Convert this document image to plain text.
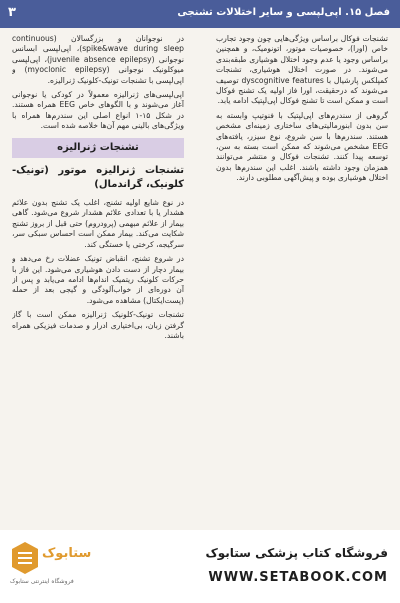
۳	فصل ۱۵. اپی‌لپسی و سایر اختلالات تشنجی

تشنجات فوکال براساس ویژگی‌هایی چون وجود تجارب خاص (اورا)، خصوصیات موتور، اتونومیک، و همچنین براساس وجود یا عدم وجود اختلال هوشیاری طبقه‌بندی می‌شوند. در صورت اختلال هوشیاری، تشنجات کمپلکس پارشیال با dyscognitive features توصیف می‌شوند که درحقیقت، اورا فاز اولیه یک تشنج فوکال است و ممکن است تا تشنج فوکال اپی‌لپتیک ادامه یابد.

گروهی از سندرم‌های اپی‌لپتیک با فنوتیپ وابسته به سن بدون ابنورمالیتی‌های ساختاری زمینه‌ای مشخص هستند. سندرم‌ها با سن شروع، نوع سیزر، یافته‌های EEG مشخص می‌شوند که ممکن است بسته به سن، توسعه پیدا کنند. تشنجات فوکال و منتشر می‌توانند همزمان وجود داشته باشند. اغلب این سندرم‌ها بدون اختلال هوشیاری بوده و پیش‌آگهی مطلوبی دارند.

در نوجوانان و بزرگسالان (continuous spike&wave during sleep)، اپی‌لپسی ابسانس نوجوانی (juvenile absence epilepsy)، اپی‌لپسی میوکلونیک نوجوانی (myoclonic epilepsy) و اپی‌لپسی با تشنجات تونیک-کلونیک ژنرالیزه.

اپی‌لپسی‌های ژنرالیزه معمولاً در کودکی یا نوجوانی آغاز می‌شوند و با الگوهای خاص EEG همراه هستند. در شکل ۱۵-۱ انواع اصلی این سندرم‌ها همراه با ویژگی‌های بالینی مهم آن‌ها خلاصه شده است.

تشنجات ژنرالیزه
تشنجات ژنرالیزه موتور (تونیک-کلونیک، گراندمال)

در نوع شایع اولیه تشنج، اغلب یک تشنج بدون علائم هشدار یا با تعدادی علائم هشدار شروع می‌شود. گاهی بیمار از علائم مبهمی (پرودروم) حتی قبل از بروز تشنج شکایت می‌کند. بیمار ممکن است احساس سبکی سر، سرگیجه، کرختی یا خستگی کند.

در شروع تشنج، انقباض تونیک عضلات رخ می‌دهد و بیمار دچار از دست دادن هوشیاری می‌شود. این فاز با حرکات کلونیک ریتمیک اندام‌ها ادامه می‌یابد و پس از آن دوره‌ای از خواب‌آلودگی و گیجی بعد از حمله (پست‌ایکتال) مشاهده می‌شود.

تشنجات تونیک-کلونیک ژنرالیزه ممکن است با گاز گرفتن زبان، بی‌اختیاری ادرار و صدمات فیزیکی همراه باشند.

ستابوک
فروشگاه اینترنتی ستابوک
فروشگاه کتاب پزشکی ستابوک
WWW.SETABOOK.COM
